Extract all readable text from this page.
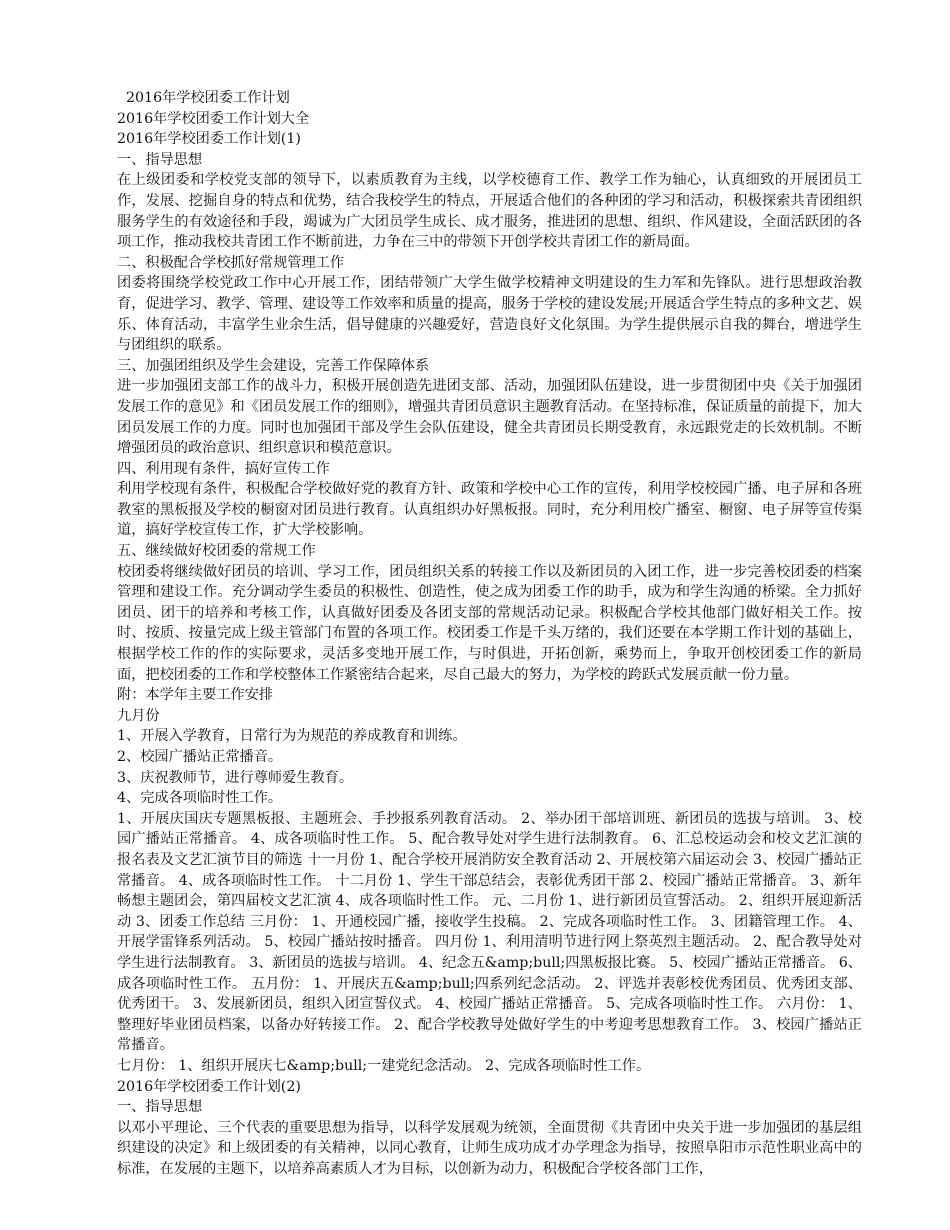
2016年学校团委工作计划

2016年学校团委工作计划大全

2016年学校团委工作计划(1)

一、指导思想

在上级团委和学校党支部的领导下，以素质教育为主线，以学校德育工作、教学工作为轴心，认真细致的开展团员工作，发展、挖掘自身的特点和优势，结合我校学生的特点，开展适合他们的各种团的学习和活动，积极探索共青团组织服务学生的有效途径和手段，竭诚为广大团员学生成长、成才服务，推进团的思想、组织、作风建设，全面活跃团的各项工作，推动我校共青团工作不断前进，力争在三中的带领下开创学校共青团工作的新局面。

二、积极配合学校抓好常规管理工作

团委将围绕学校党政工作中心开展工作，团结带领广大学生做学校精神文明建设的生力军和先锋队。进行思想政治教育，促进学习、教学、管理、建设等工作效率和质量的提高，服务于学校的建设发展;开展适合学生特点的多种文艺、娱乐、体育活动，丰富学生业余生活，倡导健康的兴趣爱好，营造良好文化氛围。为学生提供展示自我的舞台，增进学生与团组织的联系。

三、加强团组织及学生会建设，完善工作保障体系

进一步加强团支部工作的战斗力，积极开展创造先进团支部、活动，加强团队伍建设，进一步贯彻团中央《关于加强团发展工作的意见》和《团员发展工作的细则》，增强共青团员意识主题教育活动。在坚持标准，保证质量的前提下，加大团员发展工作的力度。同时也加强团干部及学生会队伍建设，健全共青团员长期受教育，永远跟党走的长效机制。不断增强团员的政治意识、组织意识和模范意识。

四、利用现有条件，搞好宣传工作

利用学校现有条件，积极配合学校做好党的教育方针、政策和学校中心工作的宣传，利用学校校园广播、电子屏和各班教室的黑板报及学校的橱窗对团员进行教育。认真组织办好黑板报。同时，充分利用校广播室、橱窗、电子屏等宣传渠道，搞好学校宣传工作，扩大学校影响。

五、继续做好校团委的常规工作

校团委将继续做好团员的培训、学习工作，团员组织关系的转接工作以及新团员的入团工作，进一步完善校团委的档案管理和建设工作。充分调动学生委员的积极性、创造性，使之成为团委工作的助手，成为和学生沟通的桥梁。全力抓好团员、团干的培养和考核工作，认真做好团委及各团支部的常规活动记录。积极配合学校其他部门做好相关工作。按时、按质、按量完成上级主管部门布置的各项工作。校团委工作是千头万绪的，我们还要在本学期工作计划的基础上，根据学校工作的作的实际要求，灵活多变地开展工作，与时俱进，开拓创新，乘势而上，争取开创校团委工作的新局面，把校团委的工作和学校整体工作紧密结合起来，尽自己最大的努力，为学校的跨跃式发展贡献一份力量。

附：本学年主要工作安排

九月份

1、开展入学教育，日常行为为规范的养成教育和训练。

2、校园广播站正常播音。

3、庆祝教师节，进行尊师爱生教育。

4、完成各项临时性工作。

1、开展庆国庆专题黑板报、主题班会、手抄报系列教育活动。 2、举办团干部培训班、新团员的选拔与培训。 3、校园广播站正常播音。 4、成各项临时性工作。 5、配合教导处对学生进行法制教育。 6、汇总校运动会和校文艺汇演的报名表及文艺汇演节目的筛选 十一月份 1、配合学校开展消防安全教育活动 2、开展校第六届运动会 3、校园广播站正常播音。 4、成各项临时性工作。 十二月份 1、学生干部总结会，表彰优秀团干部 2、校园广播站正常播音。 3、新年畅想主题团会，第四届校文艺汇演 4、成各项临时性工作。 元、二月份 1、进行新团员宣誓活动。 2、组织开展迎新活动 3、团委工作总结 三月份： 1、开通校园广播，接收学生投稿。 2、完成各项临时性工作。 3、团籍管理工作。 4、开展学雷锋系列活动。 5、校园广播站按时播音。 四月份 1、利用清明节进行网上祭英烈主题活动。 2、配合教导处对学生进行法制教育。 3、新团员的选拔与培训。 4、纪念五&amp;bull;四黑板报比赛。 5、校园广播站正常播音。 6、成各项临时性工作。 五月份： 1、开展庆五&amp;bull;四系列纪念活动。 2、评选并表彰校优秀团员、优秀团支部、优秀团干。 3、发展新团员，组织入团宣誓仪式。 4、校园广播站正常播音。 5、完成各项临时性工作。 六月份： 1、整理好毕业团员档案，以备办好转接工作。 2、配合学校教导处做好学生的中考迎考思想教育工作。 3、校园广播站正常播音。

七月份： 1、组织开展庆七&amp;bull;一建党纪念活动。 2、完成各项临时性工作。

2016年学校团委工作计划(2)

一、指导思想

以邓小平理论、三个代表的重要思想为指导，以科学发展观为统领，全面贯彻《共青团中央关于进一步加强团的基层组织建设的决定》和上级团委的有关精神，以同心教育，让师生成功成才办学理念为指导，按照阜阳市示范性职业高中的标准，在发展的主题下，以培养高素质人才为目标，以创新为动力，积极配合学校各部门工作，
